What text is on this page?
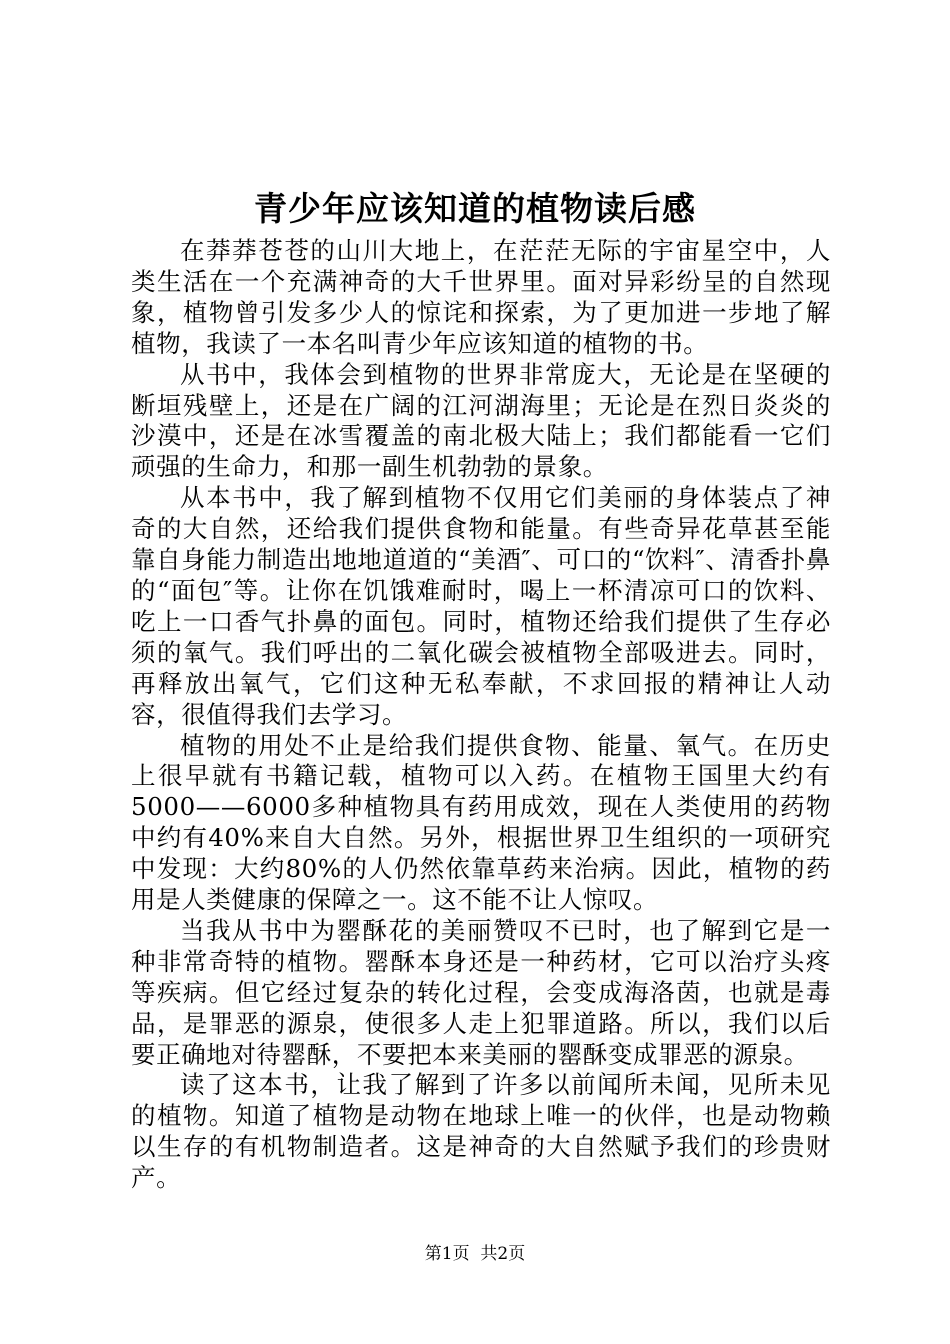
青少年应该知道的植物读后感

在莽莽苍苍的山川大地上，在茫茫无际的宇宙星空中，人类生活在一个充满神奇的大千世界里。面对异彩纷呈的自然现象，植物曾引发多少人的惊诧和探索，为了更加进一步地了解植物，我读了一本名叫青少年应该知道的植物的书。

从书中，我体会到植物的世界非常庞大，无论是在坚硬的断垣残壁上，还是在广阔的江河湖海里；无论是在烈日炎炎的沙漠中，还是在冰雪覆盖的南北极大陆上；我们都能看一它们顽强的生命力，和那一副生机勃勃的景象。

从本书中，我了解到植物不仅用它们美丽的身体装点了神奇的大自然，还给我们提供食物和能量。有些奇异花草甚至能靠自身能力制造出地地道道的“美酒″、可口的“饮料″、清香扑鼻的“面包″等。让你在饥饿难耐时，喝上一杯清凉可口的饮料、吃上一口香气扑鼻的面包。同时，植物还给我们提供了生存必须的氧气。我们呼出的二氧化碳会被植物全部吸进去。同时，再释放出氧气，它们这种无私奉献，不求回报的精神让人动容，很值得我们去学习。

植物的用处不止是给我们提供食物、能量、氧气。在历史上很早就有书籍记载，植物可以入药。在植物王国里大约有5000——6000多种植物具有药用成效，现在人类使用的药物中约有40%来自大自然。另外，根据世界卫生组织的一项研究中发现：大约80%的人仍然依靠草药来治病。因此，植物的药用是人类健康的保障之一。这不能不让人惊叹。

当我从书中为罂酥花的美丽赞叹不已时，也了解到它是一种非常奇特的植物。罂酥本身还是一种药材，它可以治疗头疼等疾病。但它经过复杂的转化过程，会变成海洛茵，也就是毒品，是罪恶的源泉，使很多人走上犯罪道路。所以，我们以后要正确地对待罂酥，不要把本来美丽的罂酥变成罪恶的源泉。

读了这本书，让我了解到了许多以前闻所未闻，见所未见的植物。知道了植物是动物在地球上唯一的伙伴，也是动物赖以生存的有机物制造者。这是神奇的大自然赋予我们的珍贵财产。

第1页  共2页
